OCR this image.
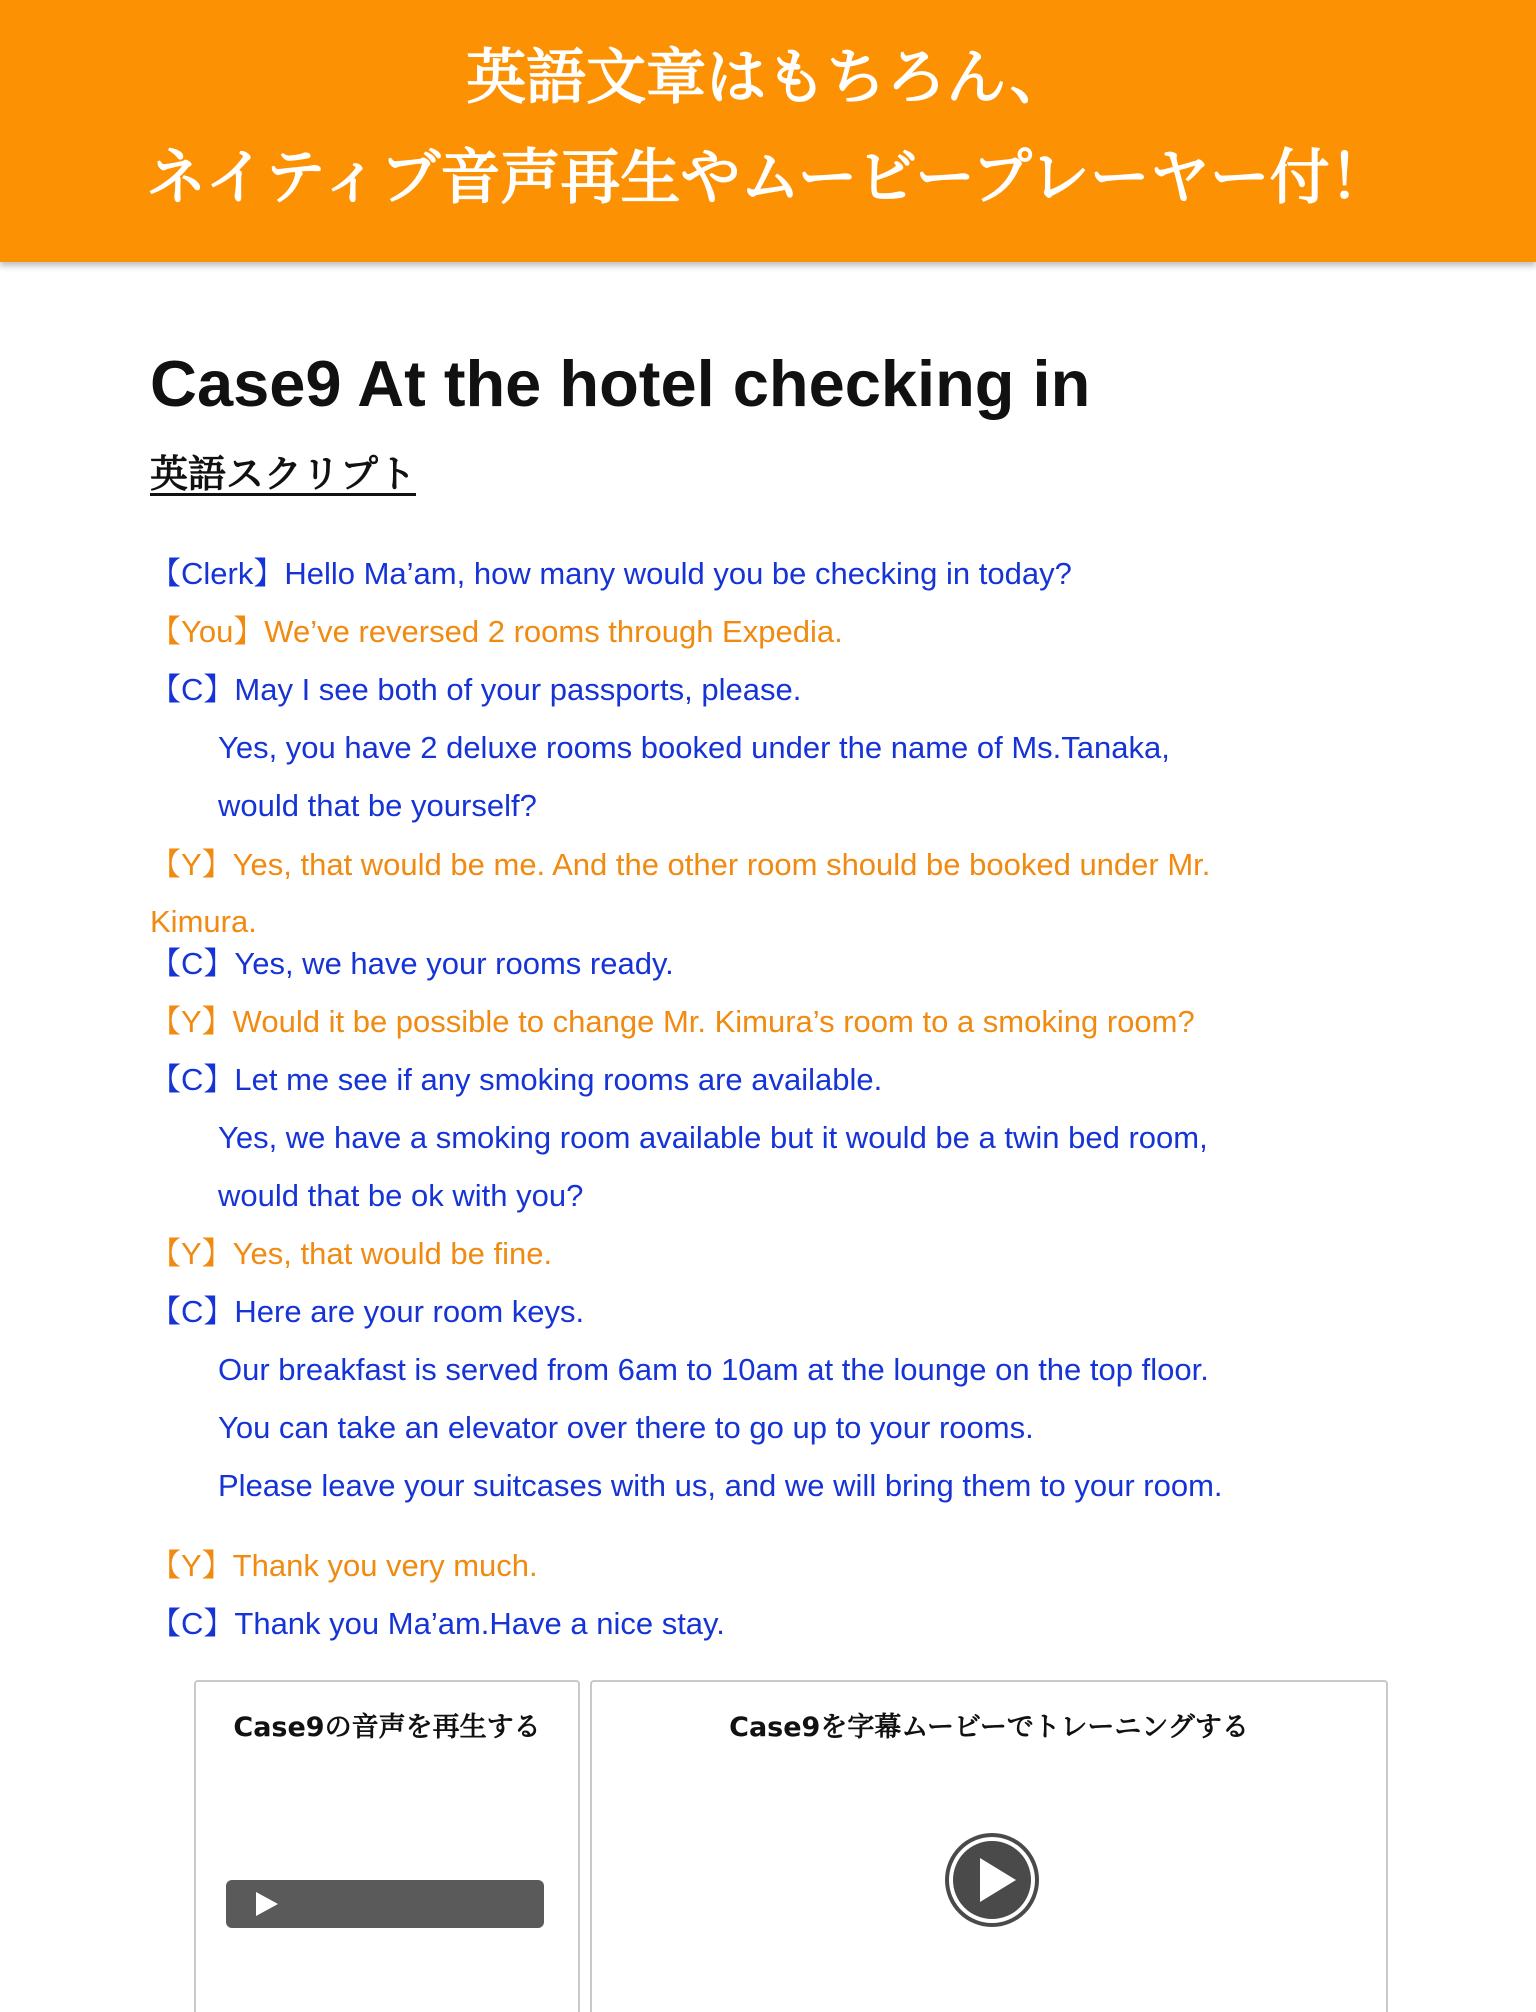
英語文章はもちろん、
ネイティブ音声再生やムービープレーヤー付！
Case9 At the hotel checking in
英語スクリプト
【Clerk】Hello Ma’am, how many would you be checking in today?
【You】We’ve reversed 2 rooms through Expedia.
【C】May I see both of your passports, please.
Yes, you have 2 deluxe rooms booked under the name of Ms.Tanaka,
would that be yourself?
【Y】Yes, that would be me. And the other room should be booked under Mr.
Kimura.
【C】Yes, we have your rooms ready.
【Y】Would it be possible to change Mr. Kimura’s room to a smoking room?
【C】Let me see if any smoking rooms are available.
Yes, we have a smoking room available but it would be a twin bed room,
would that be ok with you?
【Y】Yes, that would be fine.
【C】Here are your room keys.
Our breakfast is served from 6am to 10am at the lounge on the top floor.
You can take an elevator over there to go up to your rooms.
Please leave your suitcases with us, and we will bring them to your room.
【Y】Thank you very much.
【C】Thank you Ma’am.Have a nice stay.
Case9の音声を再生する	Case9を字幕ムービーでトレーニングする
